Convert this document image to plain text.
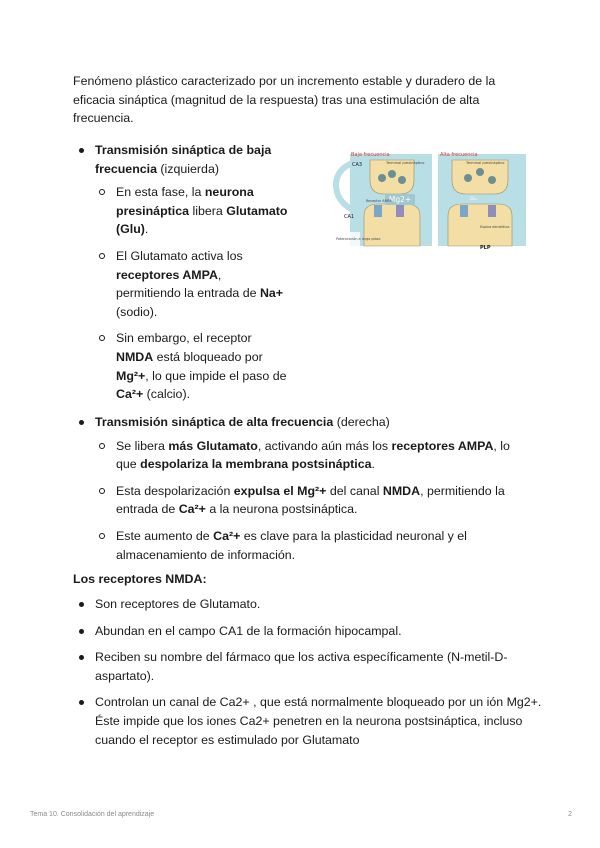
Fenómeno plástico caracterizado por un incremento estable y duradero de la eficacia sináptica (magnitud de la respuesta) tras una estimulación de alta frecuencia.

Transmisión sináptica de baja frecuencia (izquierda)
En esta fase, la neurona presináptica libera Glutamato (Glu).
El Glutamato activa los receptores AMPA, permitiendo la entrada de Na+ (sodio).
Sin embargo, el receptor NMDA está bloqueado por Mg²+, lo que impide el paso de Ca²+ (calcio).
Mg2+
Baja frecuencia	Alta frecuencia
CA3
CA1
Terminal presináptico	Terminal presináptico
Glu
Receptor AMPA
Espina dendrítica
PLP
Potenciación a largo plazo
Transmisión sináptica de alta frecuencia (derecha)
Se libera más Glutamato, activando aún más los receptores AMPA, lo que despolariza la membrana postsináptica.
Esta despolarización expulsa el Mg²+ del canal NMDA, permitiendo la entrada de Ca²+ a la neurona postsináptica.
Este aumento de Ca²+ es clave para la plasticidad neuronal y el almacenamiento de información.

Los receptores NMDA:

Son receptores de Glutamato.
Abundan en el campo CA1 de la formación hipocampal.
Reciben su nombre del fármaco que los activa específicamente (N-metil-D-aspartato).
Controlan un canal de Ca2+ , que está normalmente bloqueado por un ión Mg2+. Éste impide que los iones Ca2+ penetren en la neurona postsináptica, incluso cuando el receptor es estimulado por Glutamato
Tema 10. Consolidación del aprendizaje	2
